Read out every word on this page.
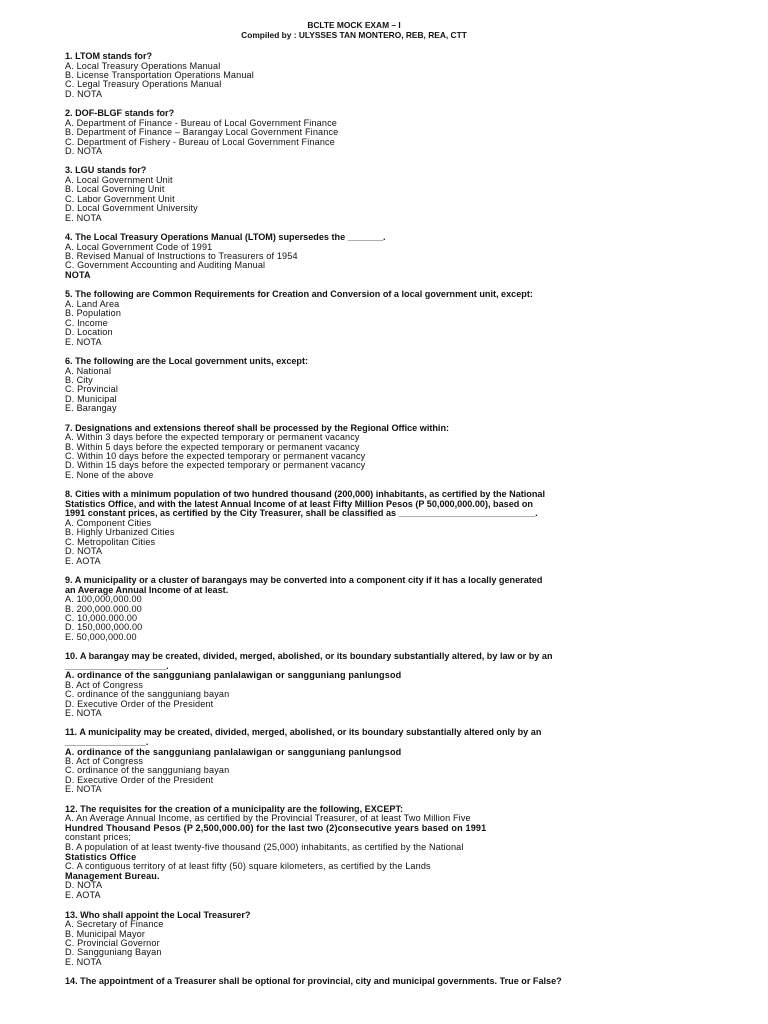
BCLTE MOCK EXAM – I
Compiled by : ULYSSES TAN MONTERO, REB, REA, CTT
1. LTOM stands for?
A. Local Treasury Operations Manual
B. License Transportation Operations Manual
C. Legal Treasury Operations Manual
D. NOTA
2. DOF-BLGF stands for?
A. Department of Finance - Bureau of Local Government Finance
B. Department of Finance – Barangay Local Government Finance
C. Department of Fishery - Bureau of Local Government Finance
D. NOTA
3. LGU stands for?
A. Local Government Unit
B. Local Governing Unit
C. Labor Government Unit
D. Local Government University
E. NOTA
4. The Local Treasury Operations Manual (LTOM) supersedes the _______.
A. Local Government Code of 1991
B. Revised Manual of Instructions to Treasurers of 1954
C. Government Accounting and Auditing Manual
NOTA
5. The following are Common Requirements for Creation and Conversion of a local government unit, except:
A. Land Area
B. Population
C. Income
D. Location
E. NOTA
6. The following are the Local government units, except:
A. National
B. City
C. Provincial
D. Municipal
E. Barangay
7. Designations and extensions thereof shall be processed by the Regional Office within:
A. Within 3 days before the expected temporary or permanent vacancy
B. Within 5 days before the expected temporary or permanent vacancy
C. Within 10 days before the expected temporary or permanent vacancy
D. Within 15 days before the expected temporary or permanent vacancy
E. None of the above
8. Cities with a minimum population of two hundred thousand (200,000) inhabitants, as certified by the National Statistics Office, and with the latest Annual Income of at least Fifty Million Pesos (P 50,000,000.00), based on 1991 constant prices, as certified by the City Treasurer, shall be classified as ___________________________.
A. Component Cities
B. Highly Urbanized Cities
C. Metropolitan Cities
D. NOTA
E. AOTA
9. A municipality or a cluster of barangays may be converted into a component city if it has a locally generated an Average Annual Income of at least.
A. 100,000,000.00
B. 200,000.000.00
C. 10,000.000.00
D. 150,000,000.00
E. 50,000,000.00
10. A barangay may be created, divided, merged, abolished, or its boundary substantially altered, by law or by an ____________________.
A. ordinance of the sangguniang panlalawigan or sangguniang panlungsod
B. Act of Congress
C. ordinance of the sangguniang bayan
D. Executive Order of the President
E. NOTA
11. A municipality may be created, divided, merged, abolished, or its boundary substantially altered only by an ________________.
A. ordinance of the sangguniang panlalawigan or sangguniang panlungsod
B. Act of Congress
C. ordinance of the sangguniang bayan
D. Executive Order of the President
E. NOTA
12. The requisites for the creation of a municipality are the following, EXCEPT:
A. An Average Annual Income, as certified by the Provincial Treasurer, of at least Two Million Five
Hundred Thousand Pesos (P 2,500,000.00) for the last two (2)consecutive years based on 1991
constant prices;
B. A population of at least twenty-five thousand (25,000) inhabitants, as certified by the National
Statistics Office
C. A contiguous territory of at least fifty (50) square kilometers, as certified by the Lands
Management Bureau.
D. NOTA
E. AOTA
13. Who shall appoint the Local Treasurer?
A. Secretary of Finance
B. Municipal Mayor
C. Provincial Governor
D. Sangguniang Bayan
E. NOTA
14. The appointment of a Treasurer shall be optional for provincial, city and municipal governments. True or False?
